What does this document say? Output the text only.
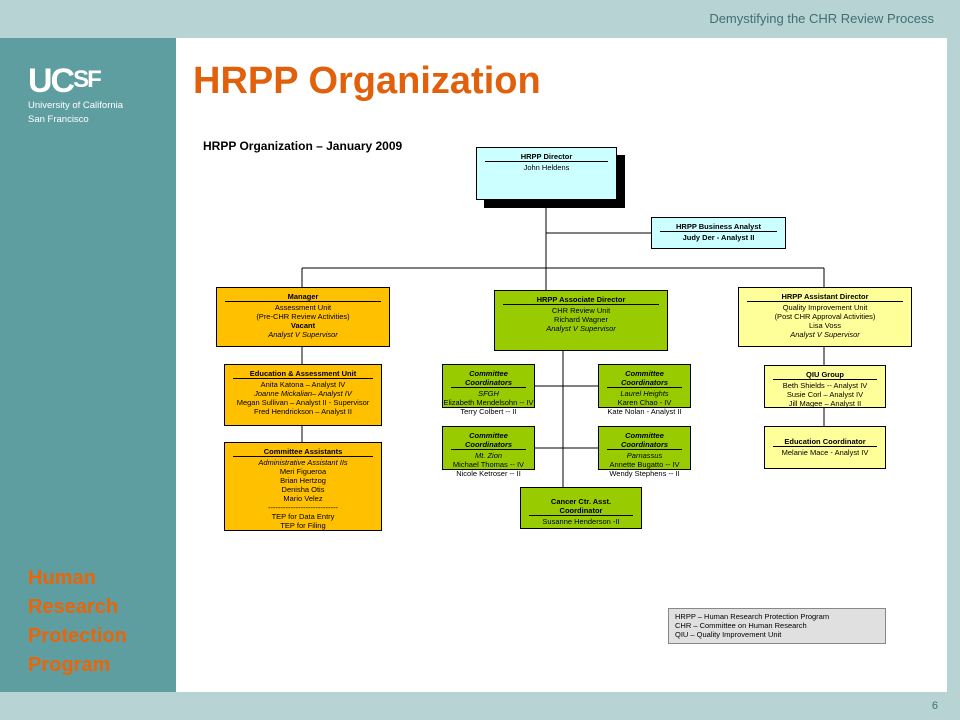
Demystifying the CHR Review Process
6
UCSF
University of California
San Francisco
Human
Research
Protection
Program
HRPP Organization
HRPP Organization – January 2009
HRPP Director
John Heldens
HRPP Business Analyst
Judy Der - Analyst II
Manager
Assessment Unit
(Pre-CHR Review Activities)
Vacant
Analyst V Supervisor
HRPP Associate Director
CHR Review Unit
Richard Wagner
Analyst V Supervisor
HRPP Assistant Director
Quality Improvement Unit
(Post CHR Approval Activities)
Lisa Voss
Analyst V Supervisor
Education & Assessment Unit
Anita Katona – Analyst IV
Joanne Mickalian– Analyst IV
Megan Sullivan – Analyst II - Supervisor
Fred Hendrickson – Analyst II
Committee Assistants
Administrative Assistant IIs
Meri Figueroa
Brian Hertzog
Denisha Otis
Mario Velez
----------------------------
TEP for Data Entry
TEP for Filing
Committee Coordinators
SFGH
Elizabeth Mendelsohn -- IV
Terry Colbert -- II
Committee Coordinators
Laurel Heights
Karen Chao - IV
Kate Nolan - Analyst II
Committee Coordinators
Mt. Zion
Michael Thomas -- IV
Nicole Ketroser -- II
Committee Coordinators
Parnassus
Annette Bugatto -- IV
Wendy Stephens -- II
Cancer Ctr. Asst. Coordinator
Susanne Henderson -II
QIU Group
Beth Shields -- Analyst IV
Susie Corl – Analyst IV
Jill Magee – Analyst II
Education Coordinator
Melanie Mace - Analyst IV
HRPP – Human Research Protection Program
CHR – Committee on Human Research
QIU – Quality Improvement Unit
